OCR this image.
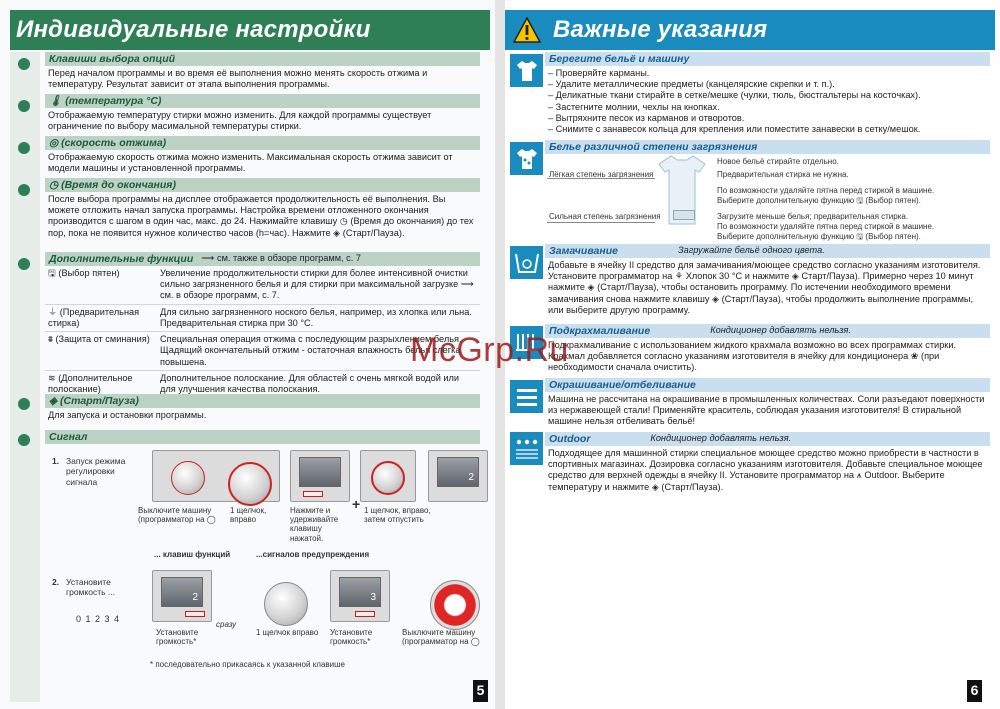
Индивидуальные настройки
Клавиши выбора опций
Перед началом программы и во время её выполнения можно менять скорость отжима и температуру. Результат зависит от этапа выполнения программы.
🌡 (температура °C)
Отображаемую температуру стирки можно изменить. Для каждой программы существует ограничение по выбору масимальной температуры стирки.
◎ (скорость отжима)
Отображаемую скорость отжима можно изменить. Максимальная скорость отжима зависит от модели машины и установленной программы.
◷ (Время до окончания)
После выбора программы на дисплее отображается продолжительность её выполнения. Вы можете отложить начал запуска программы. Настройка времени отложенного окончания производится с шагом в один час, макс. до 24. Нажимайте клавишу ◷ (Время до окончания) до тех пор, пока не появится нужное количество часов (h=час). Нажмите ◈ (Старт/Пауза).
Дополнительные функции ⟶ см. также в обзоре программ, с. 7
🖫 (Выбор пятен)	Увеличение продолжительности стирки для более интенсивной очистки сильно загрязненного белья и для стирки при максимальной загрузке ⟶ см. в обзоре программ, с. 7.
⏚ (Предварительная стирка)	Для сильно загрязненного ноского белья, например, из хлопка или льна. Предварительная стирка при 30 °C.
⩩ (Защита от сминания)	Специальная операция отжима с последующим разрыхлением белья. Щадящий окончательный отжим - остаточная влажность белья слегка повышена.
≋ (Дополнительное полоскание)	Дополнительное полоскание. Для областей с очень мягкой водой или для улучшения качества полоскания.
◈ (Старт/Пауза)
Для запуска и остановки программы.
Сигнал
1. Запуск режима регулировки сигнала	2
Выключите машину (программатор на ◯
1 щелчок, вправо
Нажмите и удерживайте клавишу нажатой.
+ 1 щелчок, вправо, затем отпустить
... клавиш функций	...сигналов предупреждения
2. Установите громкость ...
0 1 2 3 4
2	3
Установите громкость*
сразу
1 щелчок вправо	Установите громкость*
Выключите машину (программатор на ◯
* последовательно прикасаясь к указанной клавише
5
Важные указания
Берегите бельё и машину
– Проверяйте карманы.
– Удалите металлические предметы (канцелярские скрепки и т. п.).
– Деликатные ткани стирайте в сетке/мешке (чулки, тюль, бюстгальтеры на косточках).
– Застегните молнии, чехлы на кнопках.
– Вытряхните песок из карманов и отворотов.
– Снимите с занавесок кольца для крепления или поместите занавески в сетку/мешок.
Белье различной степени загрязнения
Новое бельё стирайте отдельно.
Лёгкая степень загрязнения	Предварительная стирка не нужна.
По возможности удаляйте пятна перед стиркой в машине. Выберите дополнительную функцию 🖫 (Выбор пятен).
Сильная степень загрязнения	Загрузите меньше белья; предварительная стирка.
По возможности удаляйте пятна перед стиркой в машине. Выберите дополнительную функцию 🖫 (Выбор пятен).
Замачивание	Загружайте бельё одного цвета.
Добавьте в ячейку II средство для замачивания/моющее средство согласно указаниям изготовителя. Установите программатор на ⚘ Хлопок 30 °C и нажмите ◈ Старт/Пауза). Примерно через 10 минут нажмите ◈ (Старт/Пауза), чтобы остановить программу. По истечении необходимого времени замачивания снова нажмите клавишу ◈ (Старт/Пауза), чтобы продолжить выполнение программы, или выберите другую программу.
Подкрахмаливание	Кондиционер добавлять нельзя.
Подкрахмаливание с использованием жидкого крахмала возможно во всех программах стирки. Крахмал добавляется согласно указаниям изготовителя в ячейку для кондиционера ❀ (при необходимости сначала очистить).
Окрашивание/отбеливание
Машина не рассчитана на окрашивание в промышленных количествах. Соли разъедают поверхности из нержавеющей стали! Применяйте краситель, соблюдая указания изготовителя! В стиральной машине нельзя отбеливать бельё!
Outdoor	Кондиционер добавлять нельзя.
Подходящее для машинной стирки специальное моющее средство можно приобрести в частности в спортивных магазинах. Дозировка согласно указаниям изготовителя. Добавьте специальное моющее средство для верхней одежды в ячейку II. Установите программатор на ⩚ Outdoor. Выберите температуру и нажмите ◈ (Старт/Пауза).
6
McGrp.Ru
